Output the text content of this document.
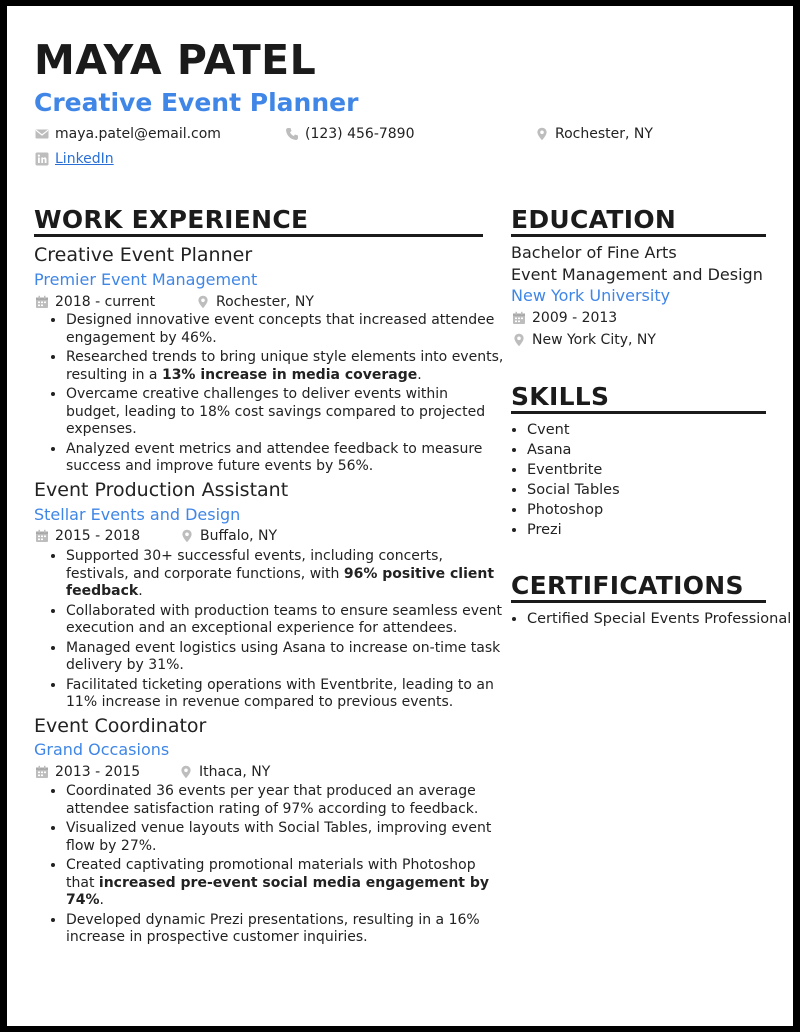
MAYA PATEL
Creative Event Planner
maya.patel@email.com	(123) 456-7890	Rochester, NY
LinkedIn
WORK EXPERIENCE
Creative Event Planner
Premier Event Management
2018 - current	Rochester, NY
• Designed innovative event concepts that increased attendee engagement by 46%.
• Researched trends to bring unique style elements into events, resulting in a 13% increase in media coverage.
• Overcame creative challenges to deliver events within budget, leading to 18% cost savings compared to projected expenses.
• Analyzed event metrics and attendee feedback to measure success and improve future events by 56%.
Event Production Assistant
Stellar Events and Design
2015 - 2018	Buffalo, NY
• Supported 30+ successful events, including concerts, festivals, and corporate functions, with 96% positive client feedback.
• Collaborated with production teams to ensure seamless event execution and an exceptional experience for attendees.
• Managed event logistics using Asana to increase on-time task delivery by 31%.
• Facilitated ticketing operations with Eventbrite, leading to an 11% increase in revenue compared to previous events.
Event Coordinator
Grand Occasions
2013 - 2015	Ithaca, NY
• Coordinated 36 events per year that produced an average attendee satisfaction rating of 97% according to feedback.
• Visualized venue layouts with Social Tables, improving event flow by 27%.
• Created captivating promotional materials with Photoshop that increased pre-event social media engagement by 74%.
• Developed dynamic Prezi presentations, resulting in a 16% increase in prospective customer inquiries.
EDUCATION
Bachelor of Fine Arts
Event Management and Design
New York University
2009 - 2013
New York City, NY
SKILLS
• Cvent
• Asana
• Eventbrite
• Social Tables
• Photoshop
• Prezi
CERTIFICATIONS
• Certified Special Events Professional
